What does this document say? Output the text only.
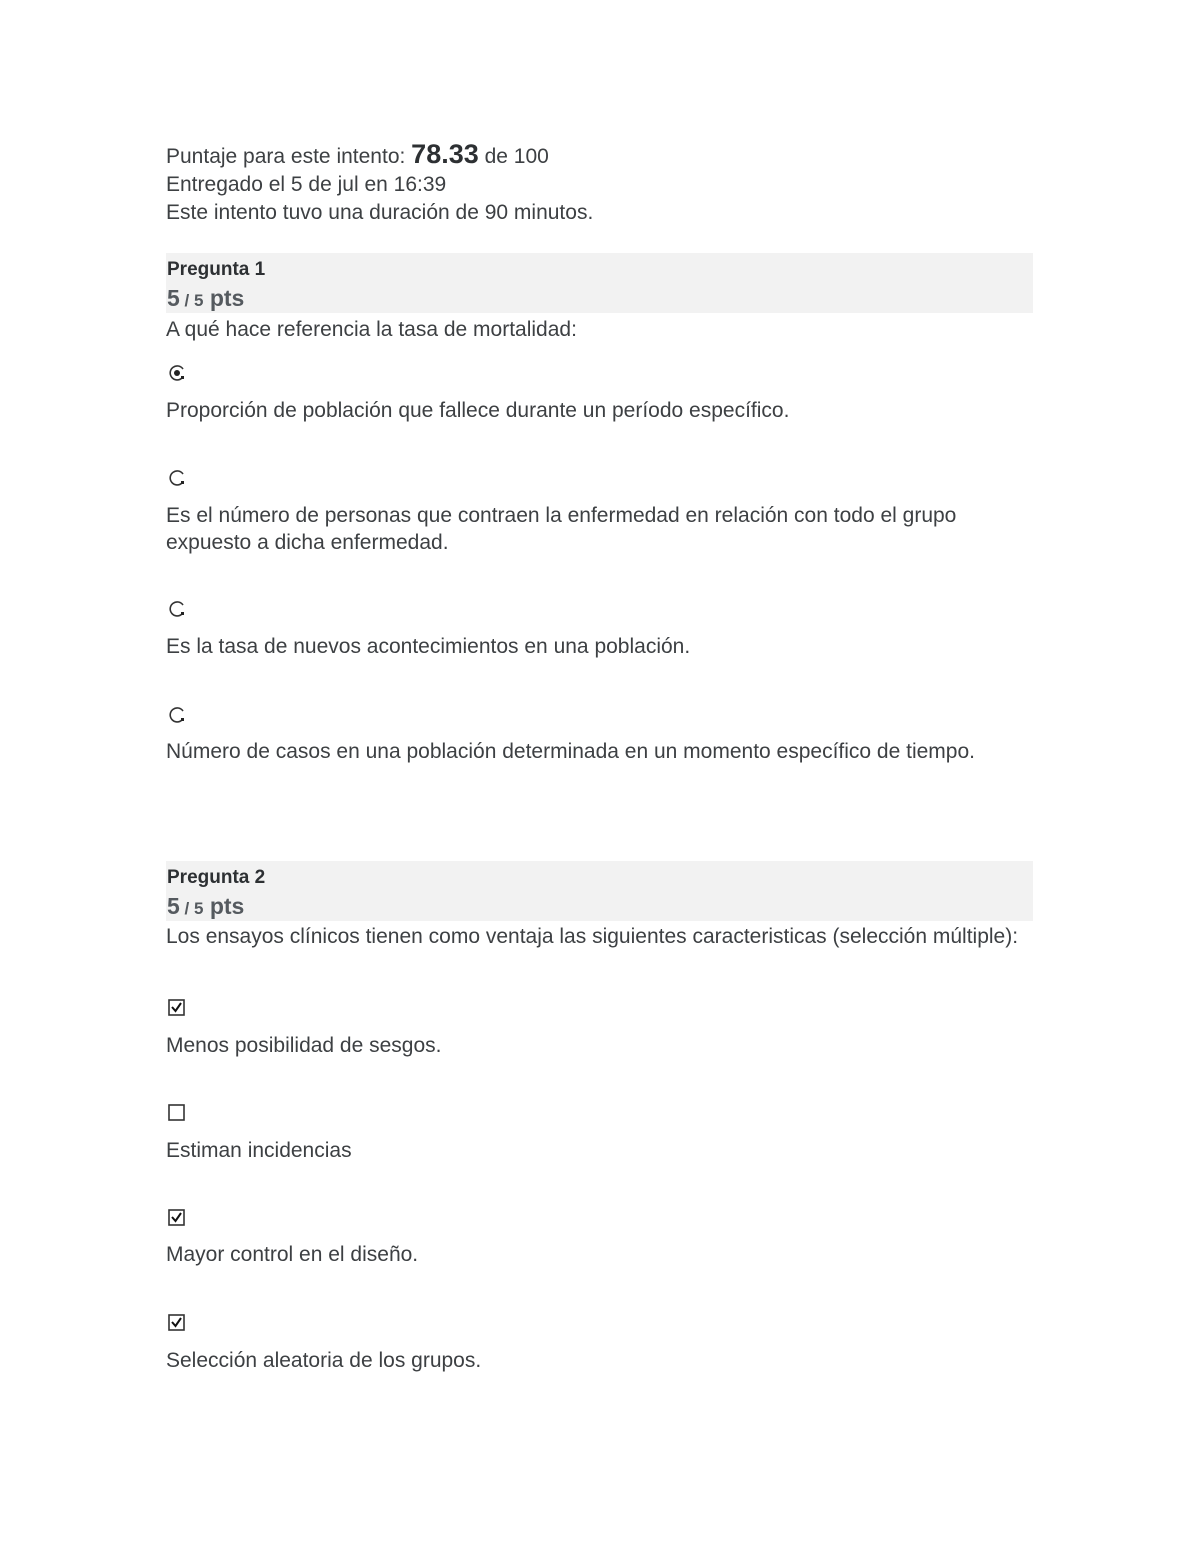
Puntaje para este intento: 78.33 de 100
Entregado el 5 de jul en 16:39
Este intento tuvo una duración de 90 minutos.
Pregunta 1
5 / 5 pts
A qué hace referencia la tasa de mortalidad:
Proporción de población que fallece durante un período específico.
Es el número de personas que contraen la enfermedad en relación con todo el grupo expuesto a dicha enfermedad.
Es la tasa de nuevos acontecimientos en una población.
Número de casos en una población determinada en un momento específico de tiempo.
Pregunta 2
5 / 5 pts
Los ensayos clínicos tienen como ventaja las siguientes caracteristicas (selección múltiple):
Menos posibilidad de sesgos.
Estiman incidencias
Mayor control en el diseño.
Selección aleatoria de los grupos.
